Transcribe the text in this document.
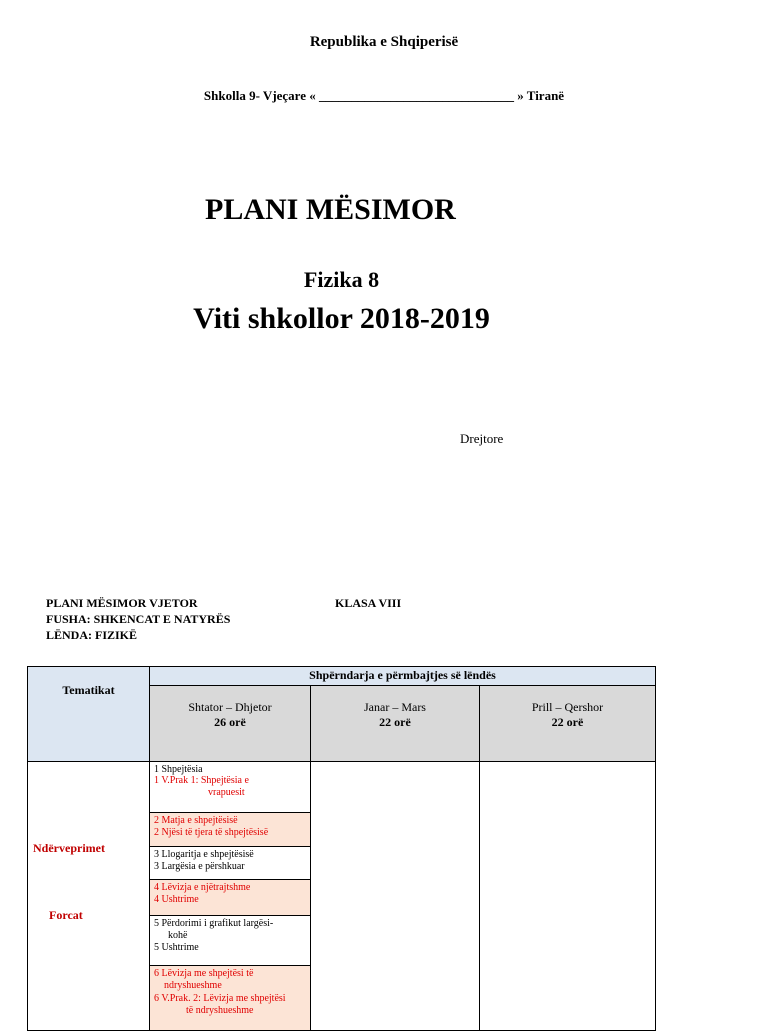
Republika e Shqiperisë
Shkolla 9- Vjeçare « ______________________________ » Tiranë
PLANI MËSIMOR
Fizika 8
Viti shkollor 2018-2019
Drejtore
PLANI MËSIMOR VJETOR
FUSHA: SHKENCAT E NATYRËS
LËNDA: FIZIKË
KLASA VIII
Tematikat
Shpërndarja e përmbajtjes së lëndës
Shtator – Dhjetor
26 orë
Janar – Mars
22 orë
Prill – Qershor
22 orë
Ndërveprimet
Forcat
1 Shpejtësia
1 V.Prak 1: Shpejtësia e
vrapuesit
2 Matja e shpejtësisë
2 Njësi të tjera të shpejtësisë
3 Llogaritja e shpejtësisë
3 Largësia e përshkuar
4 Lëvizja e njëtrajtshme
4 Ushtrime
5 Përdorimi i grafikut largësi-
kohë
5 Ushtrime
6 Lëvizja me shpejtësi të
ndryshueshme
6 V.Prak. 2: Lëvizja me shpejtësi
të ndryshueshme
